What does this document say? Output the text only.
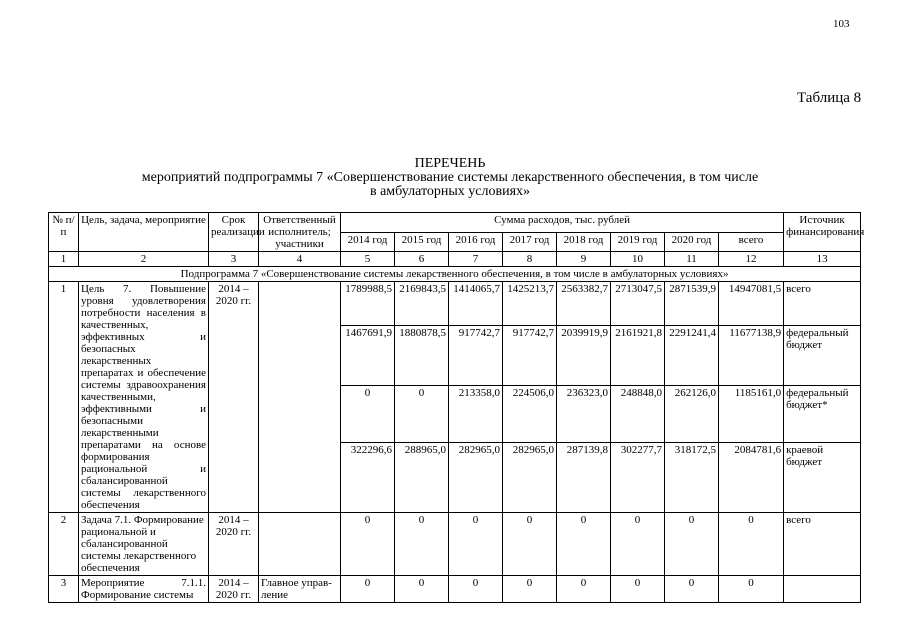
103
Таблица 8
ПЕРЕЧЕНЬ
мероприятий подпрограммы 7 «Совершенствование системы лекарственного обеспечения, в том числе
в амбулаторных условиях»
№ п/п	Цель, задача, мероприятие	Срок реализации	Ответственный исполнитель; участники	Сумма расходов, тыс. рублей								Источник финансирования
				2014 год	2015 год	2016 год	2017 год	2018 год	2019 год	2020 год	всего	
1	2	3	4	5	6	7	8	9	10	11	12	13
Подпрограмма 7 «Совершенствование системы лекарственного обеспечения, в том числе в амбулаторных условиях»												
1	Цель 7. Повышение уровня удовлетворения потребности населения в качественных, эффективных и безопасных лекарственных препаратах и обеспечение системы здравоохранения качественными, эффективными и безопасными лекарственными препаратами на основе формирования рациональной и сбалансированной системы лекарственного обеспечения	2014 – 2020 гг.		1789988,5	2169843,5	1414065,7	1425213,7	2563382,7	2713047,5	2871539,9	14947081,5	всего
				1467691,9	1880878,5	917742,7	917742,7	2039919,9	2161921,8	2291241,4	11677138,9	федеральный бюджет
				0	0	213358,0	224506,0	236323,0	248848,0	262126,0	1185161,0	федеральный бюджет*
				322296,6	288965,0	282965,0	282965,0	287139,8	302277,7	318172,5	2084781,6	краевой бюджет
2	Задача 7.1. Формирование рациональной и сбалансированной системы лекарственного обеспечения	2014 – 2020 гг.		0	0	0	0	0	0	0	0	всего
3	Мероприятие 7.1.1. Формирование системы	2014 – 2020 гг.	Главное управ-ление	0	0	0	0	0	0	0	0	
